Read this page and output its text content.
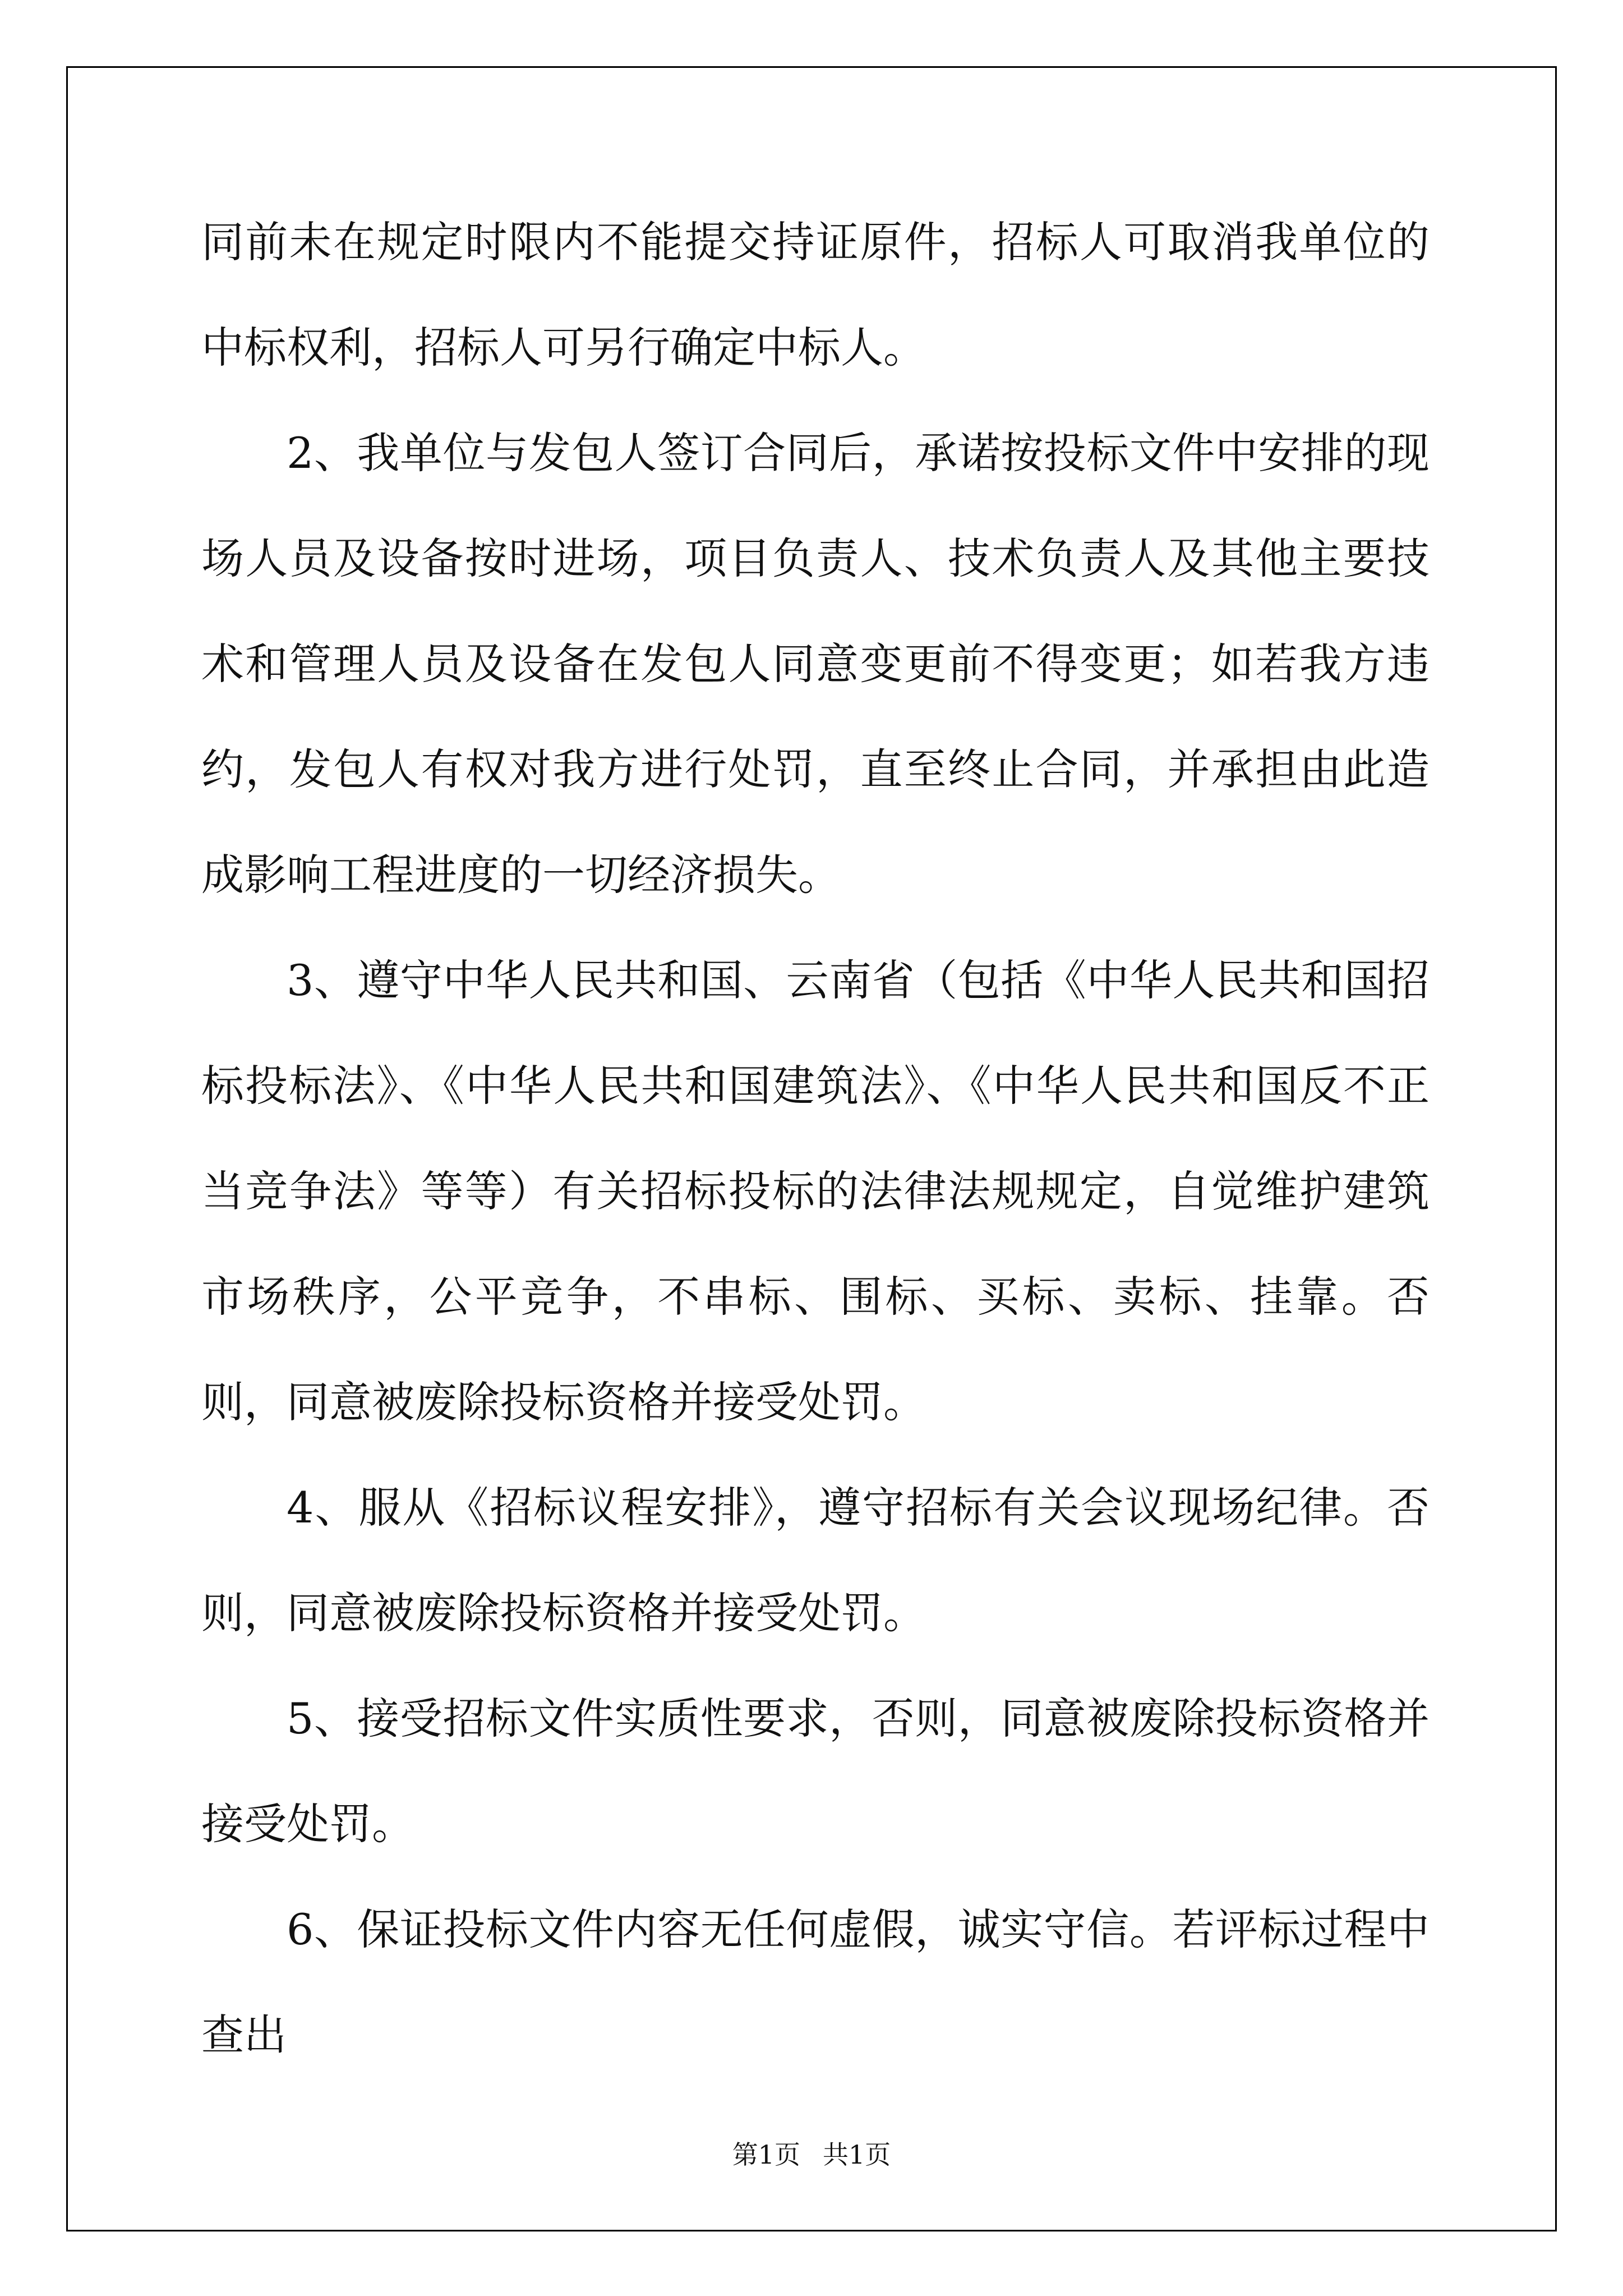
同前未在规定时限内不能提交持证原件，招标人可取消我单位的中标权利，招标人可另行确定中标人。

2、我单位与发包人签订合同后，承诺按投标文件中安排的现场人员及设备按时进场，项目负责人、技术负责人及其他主要技术和管理人员及设备在发包人同意变更前不得变更；如若我方违约，发包人有权对我方进行处罚，直至终止合同，并承担由此造成影响工程进度的一切经济损失。

3、遵守中华人民共和国、云南省（包括《中华人民共和国招标投标法》、《中华人民共和国建筑法》、《中华人民共和国反不正当竞争法》等等）有关招标投标的法律法规规定，自觉维护建筑市场秩序，公平竞争，不串标、围标、买标、卖标、挂靠。否则，同意被废除投标资格并接受处罚。

4、服从《招标议程安排》，遵守招标有关会议现场纪律。否则，同意被废除投标资格并接受处罚。

5、接受招标文件实质性要求，否则，同意被废除投标资格并接受处罚。

6、保证投标文件内容无任何虚假，诚实守信。若评标过程中查出

第1页 共1页
